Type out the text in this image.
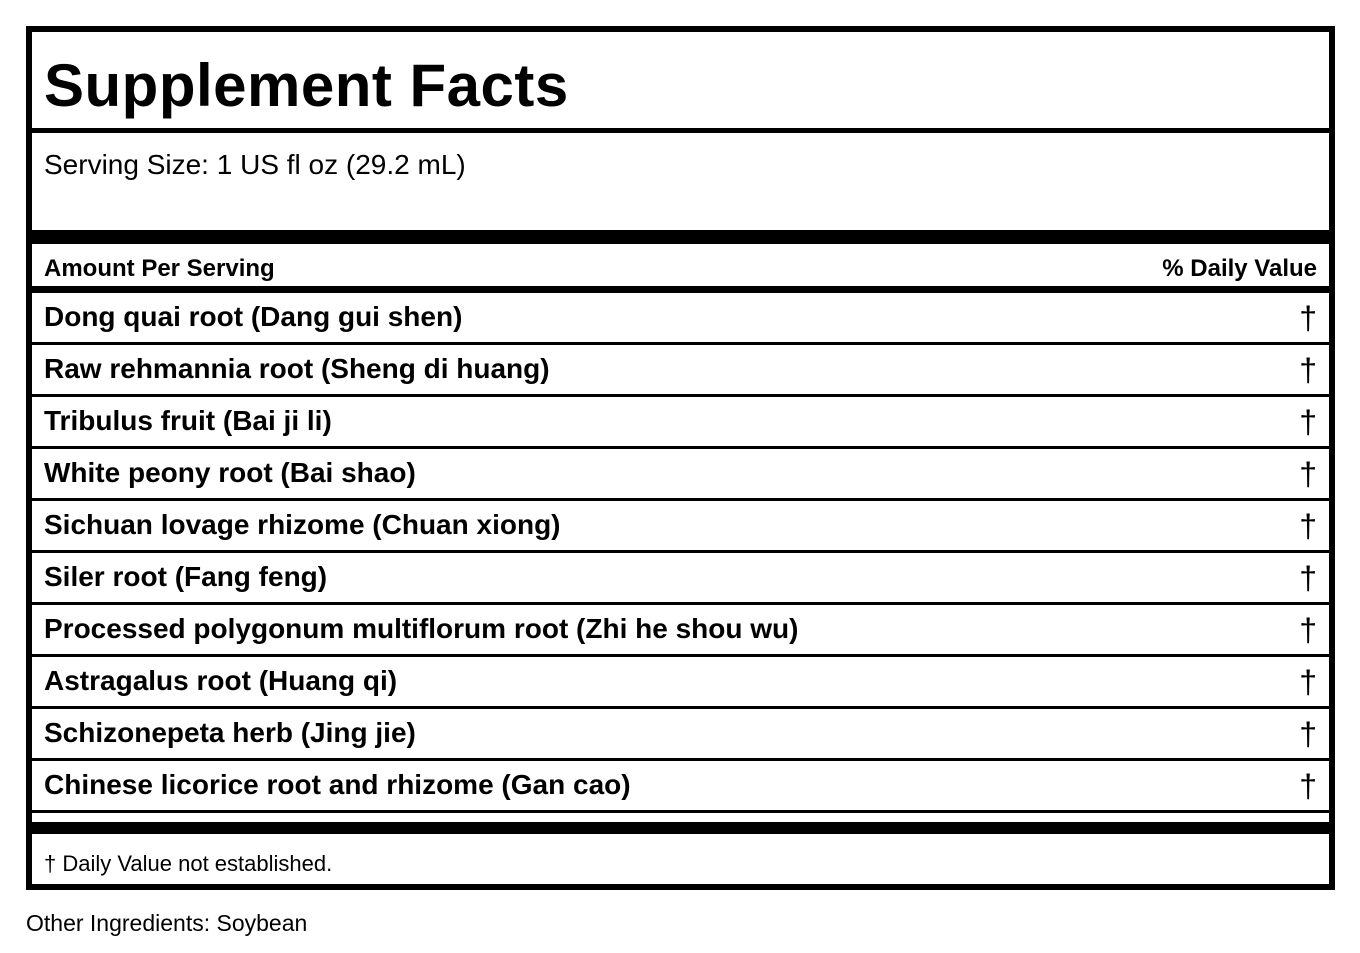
Supplement Facts
Serving Size: 1 US fl oz (29.2 mL)
Amount Per Serving	% Daily Value
Dong quai root (Dang gui shen)	†
Raw rehmannia root (Sheng di huang)	†
Tribulus fruit (Bai ji li)	†
White peony root (Bai shao)	†
Sichuan lovage rhizome (Chuan xiong)	†
Siler root (Fang feng)	†
Processed polygonum multiflorum root (Zhi he shou wu)	†
Astragalus root (Huang qi)	†
Schizonepeta herb (Jing jie)	†
Chinese licorice root and rhizome (Gan cao)	†
† Daily Value not established.
Other Ingredients: Soybean
